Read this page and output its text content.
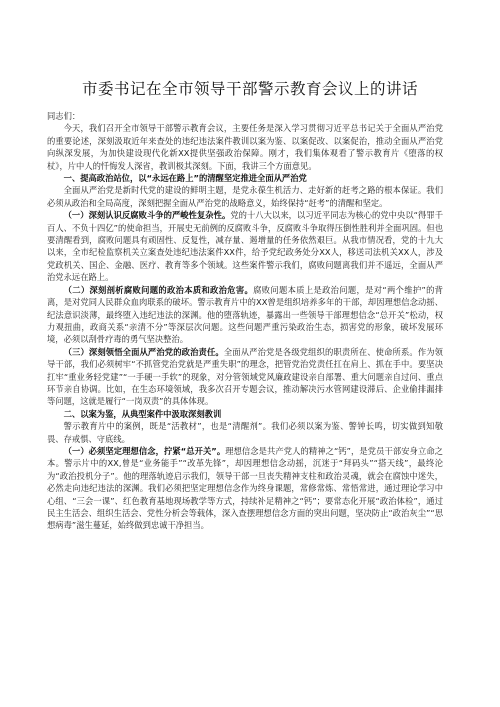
市委书记在全市领导干部警示教育会议上的讲话

同志们：

今天，我们召开全市领导干部警示教育会议，主要任务是深入学习贯彻习近平总书记关于全面从严治党的重要论述，深刻汲取近年来查处的违纪违法案件教训以案为鉴、以案促改、以案促治，推动全面从严治党向纵深发展，为加快建设现代化新XX提供坚强政治保障。刚才，我们集体观看了警示教育片《堕落的权杖》，片中人的忏悔发人深省，教训极其深刻。下面，我讲三个方面意见。

一、提高政治站位，以“永远在路上”的清醒坚定推进全面从严治党

全面从严治党是新时代党的建设的鲜明主题，是党永葆生机活力、走好新的赶考之路的根本保证。我们必须从政治和全局高度，深刻把握全面从严治党的战略意义，始终保持“赶考”的清醒和坚定。

（一）深刻认识反腐败斗争的严峻性复杂性。党的十八大以来，以习近平同志为核心的党中央以“得罪千百人、不负十四亿”的使命担当，开展史无前例的反腐败斗争，反腐败斗争取得压倒性胜利并全面巩固。但也要清醒看到，腐败问题具有顽固性、反复性，减存量、遏增量的任务依然艰巨。从我市情况看，党的十九大以来，全市纪检监察机关立案查处违纪违法案件XX件，给予党纪政务处分XX人，移送司法机关XX人，涉及党政机关、国企、金融、医疗、教育等多个领域。这些案件警示我们，腐败问题离我们并不遥远，全面从严治党永远在路上。

（二）深刻剖析腐败问题的政治本质和政治危害。腐败问题本质上是政治问题，是对“两个维护”的背离，是对党同人民群众血肉联系的破坏。警示教育片中的XX曾是组织培养多年的干部，却因理想信念动摇、纪法意识淡薄，最终堕入违纪违法的深渊。他的堕落轨迹，暴露出一些领导干部理想信念“总开关”松动，权力观扭曲，政商关系“亲清不分”等深层次问题。这些问题严重污染政治生态，损害党的形象，破坏发展环境，必须以刮骨疗毒的勇气坚决整治。

（三）深刻领悟全面从严治党的政治责任。全面从严治党是各级党组织的职责所在、使命所系。作为领导干部，我们必须树牢“不抓管党治党就是严重失职”的理念，把管党治党责任扛在肩上、抓在手中。要坚决扛牢“重业务轻党建”“一手硬一手软”的现象，对分管领域党风廉政建设亲自部署、重大问题亲自过问、重点环节亲自协调。比如，在生态环境领域，我多次召开专题会议，推动解决污水管网建设滞后、企业偷排漏排等问题，这就是履行“一岗双责”的具体体现。

二、以案为鉴，从典型案件中汲取深刻教训

警示教育片中的案例，既是“活教材”，也是“清醒剂”。我们必须以案为鉴、警钟长鸣，切实做到知敬畏、存戒惧、守底线。

（一）必须坚定理想信念，拧紧“总开关”。理想信念是共产党人的精神之“钙”，是党员干部安身立命之本。警示片中的XX,曾是“业务能手”“改革先锋”，却因理想信念动摇，沉迷于“拜码头”“搭天线”，最终沦为“政治投机分子”。他的理落轨迹启示我们，领导干部一旦丧失精神支柱和政治灵魂，就会在腐蚀中迷失，必然走向违纪违法的深渊。我们必须把坚定理想信念作为终身课题，常修常炼、常悟常进，通过理论学习中心组、“三会一课”、红色教育基地现场教学等方式，持续补足精神之“钙”；要常态化开展“政治体检”，通过民主生活会、组织生活会、党性分析会等载体，深入查摆理想信念方面的突出问题，坚决防止“政治灰尘”“思想病毒”滋生蔓延，始终做到忠诚干净担当。
